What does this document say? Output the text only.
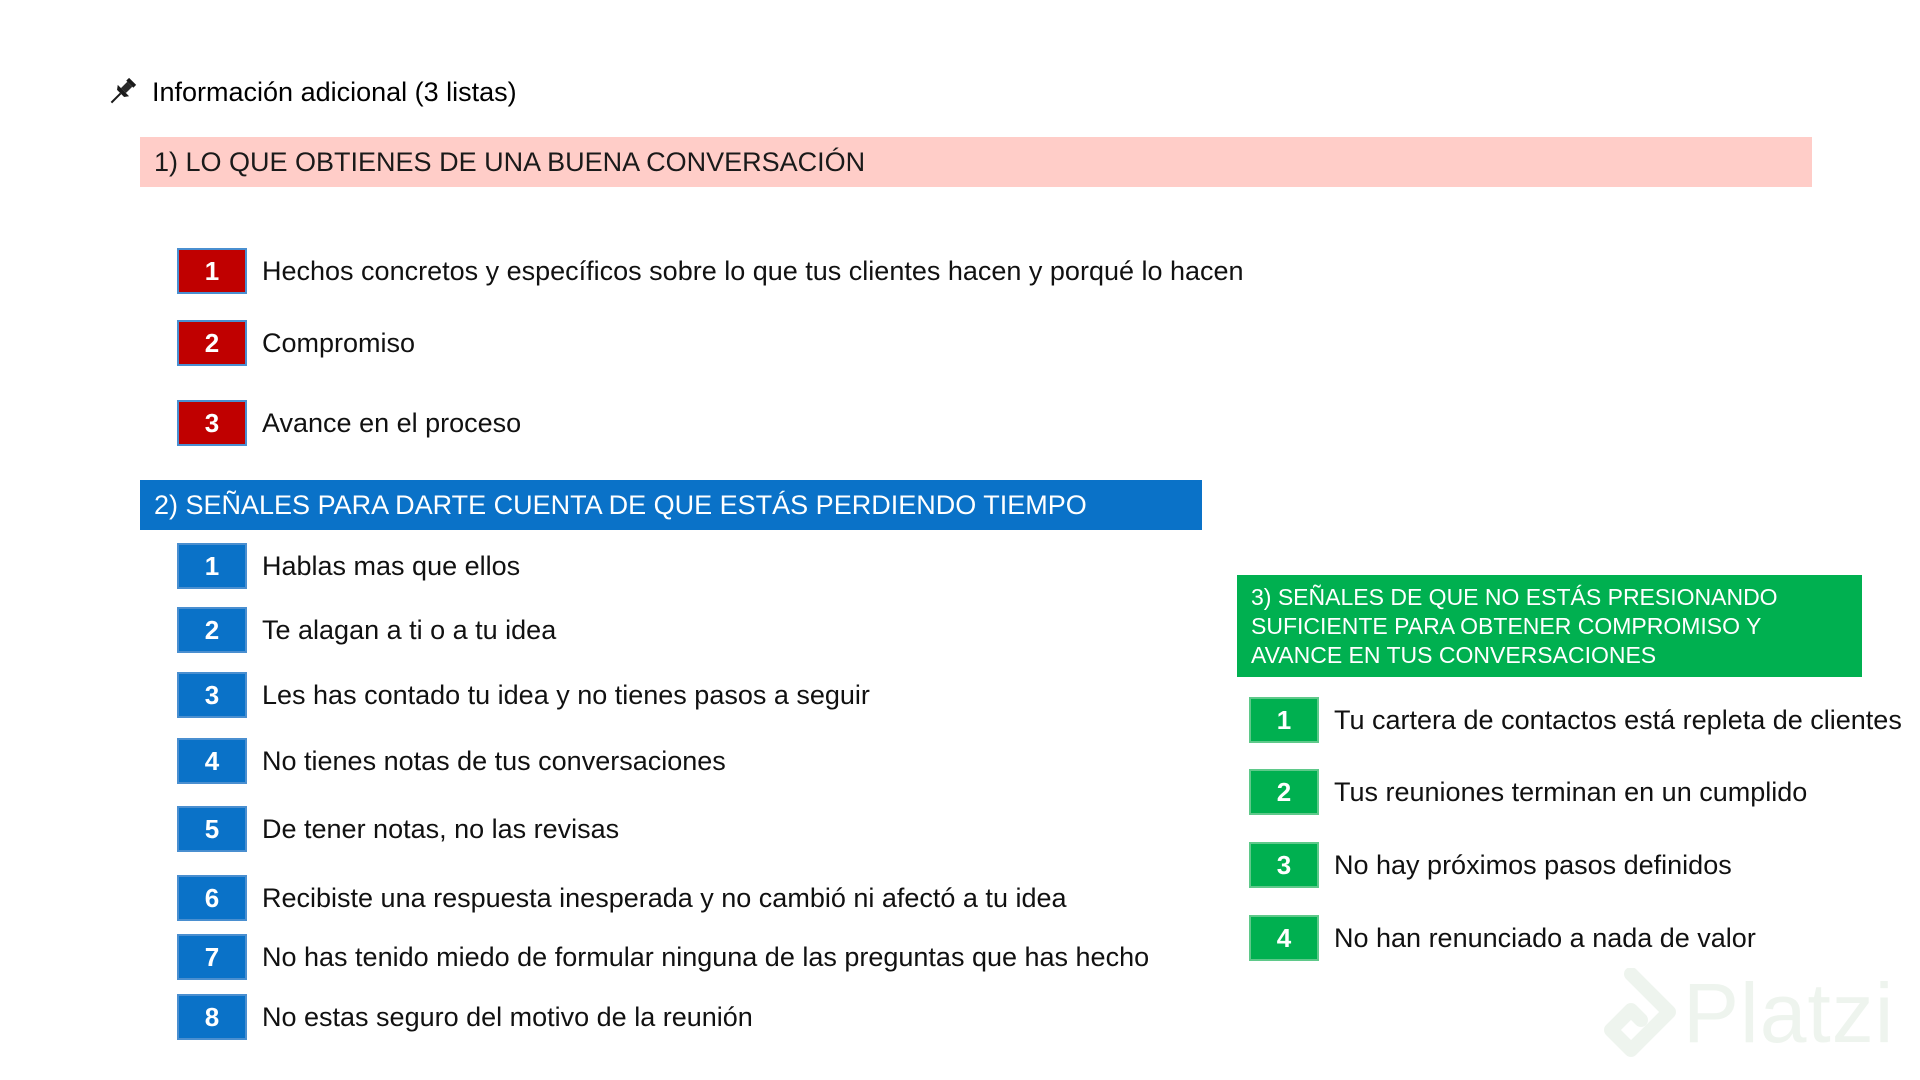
Información adicional (3 listas)
1) LO QUE OBTIENES DE UNA BUENA CONVERSACIÓN
1	Hechos concretos y específicos sobre lo que tus clientes hacen y porqué lo hacen
2	Compromiso
3	Avance en el proceso
2) SEÑALES PARA DARTE CUENTA DE QUE ESTÁS PERDIENDO TIEMPO
1	Hablas mas que ellos
2	Te alagan a ti o a tu idea
3	Les has contado tu idea y no tienes pasos a seguir
4	No tienes notas de tus conversaciones
5	De tener notas, no las revisas
6	Recibiste una respuesta inesperada y no cambió ni afectó a tu idea
7	No has tenido miedo de formular ninguna de las preguntas que has hecho
8	No estas seguro del motivo de la reunión
3) SEÑALES DE QUE NO ESTÁS PRESIONANDO SUFICIENTE PARA OBTENER COMPROMISO Y AVANCE EN TUS CONVERSACIONES
1	Tu cartera de contactos está repleta de clientes
2	Tus reuniones terminan en un cumplido
3	No hay próximos pasos definidos
4	No han renunciado a nada de valor
Platzi
